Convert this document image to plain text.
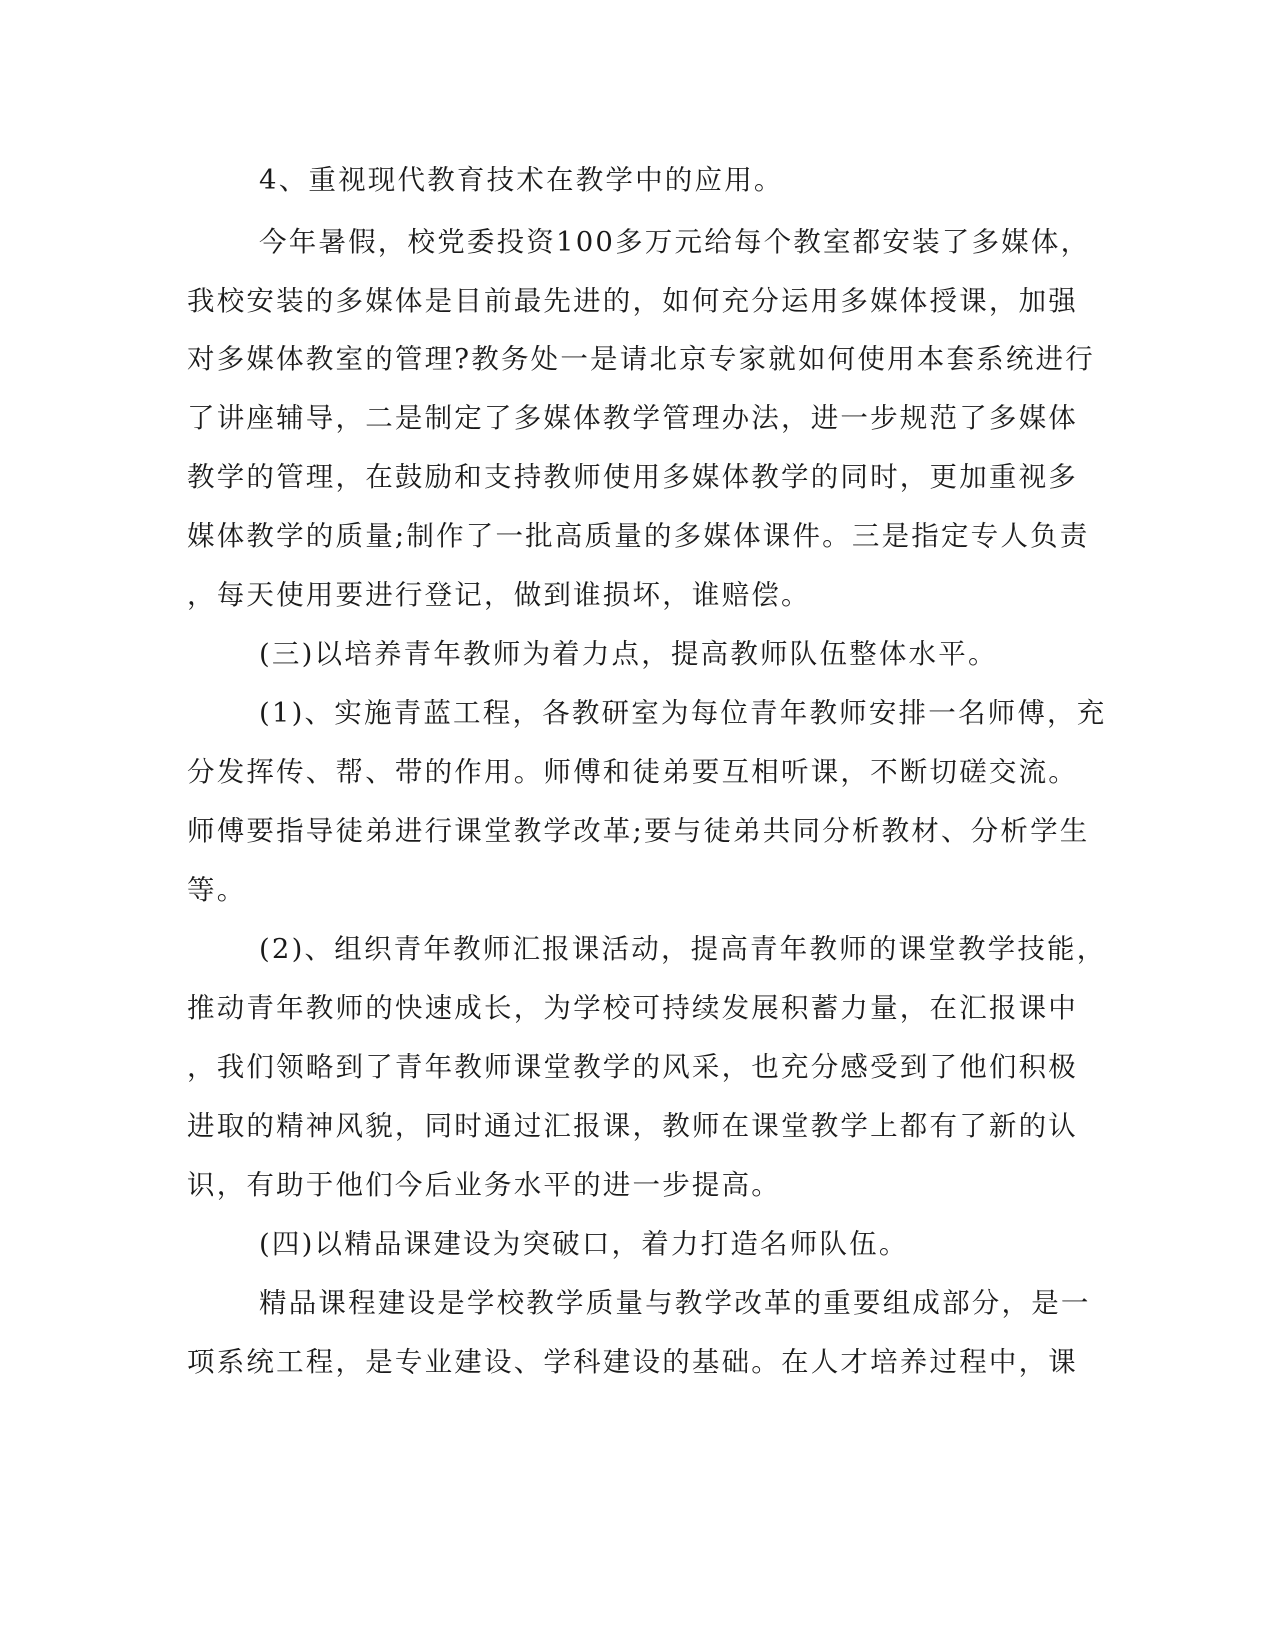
4、重视现代教育技术在教学中的应用。
今年暑假，校党委投资100多万元给每个教室都安装了多媒体，
我校安装的多媒体是目前最先进的，如何充分运用多媒体授课，加强
对多媒体教室的管理?教务处一是请北京专家就如何使用本套系统进行
了讲座辅导，二是制定了多媒体教学管理办法，进一步规范了多媒体
教学的管理，在鼓励和支持教师使用多媒体教学的同时，更加重视多
媒体教学的质量;制作了一批高质量的多媒体课件。三是指定专人负责
，每天使用要进行登记，做到谁损坏，谁赔偿。
(三)以培养青年教师为着力点，提高教师队伍整体水平。
(1)、实施青蓝工程，各教研室为每位青年教师安排一名师傅，充
分发挥传、帮、带的作用。师傅和徒弟要互相听课，不断切磋交流。
师傅要指导徒弟进行课堂教学改革;要与徒弟共同分析教材、分析学生
等。
(2)、组织青年教师汇报课活动，提高青年教师的课堂教学技能，
推动青年教师的快速成长，为学校可持续发展积蓄力量，在汇报课中
，我们领略到了青年教师课堂教学的风采，也充分感受到了他们积极
进取的精神风貌，同时通过汇报课，教师在课堂教学上都有了新的认
识，有助于他们今后业务水平的进一步提高。
(四)以精品课建设为突破口，着力打造名师队伍。
精品课程建设是学校教学质量与教学改革的重要组成部分，是一
项系统工程，是专业建设、学科建设的基础。在人才培养过程中，课
